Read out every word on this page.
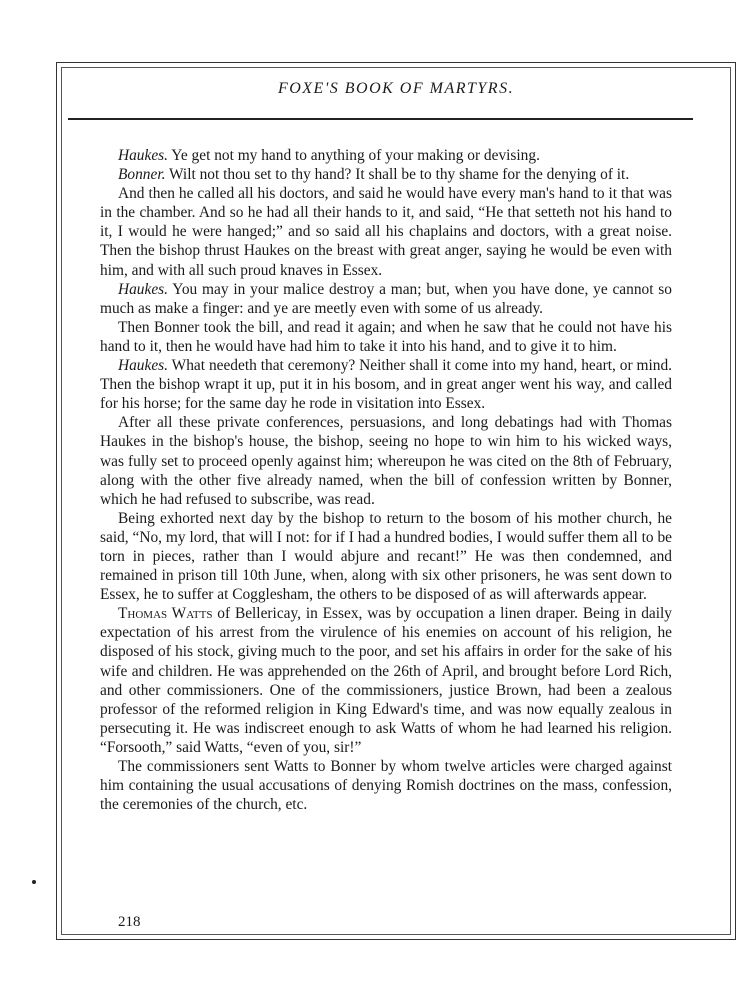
FOXE'S BOOK OF MARTYRS.

Haukes. Ye get not my hand to anything of your making or devising.

Bonner. Wilt not thou set to thy hand? It shall be to thy shame for the denying of it.

And then he called all his doctors, and said he would have every man's hand to it that was in the chamber. And so he had all their hands to it, and said, “He that setteth not his hand to it, I would he were hanged;” and so said all his chaplains and doctors, with a great noise. Then the bishop thrust Haukes on the breast with great anger, saying he would be even with him, and with all such proud knaves in Essex.

Haukes. You may in your malice destroy a man; but, when you have done, ye cannot so much as make a finger: and ye are meetly even with some of us already.

Then Bonner took the bill, and read it again; and when he saw that he could not have his hand to it, then he would have had him to take it into his hand, and to give it to him.

Haukes. What needeth that ceremony? Neither shall it come into my hand, heart, or mind. Then the bishop wrapt it up, put it in his bosom, and in great anger went his way, and called for his horse; for the same day he rode in visitation into Essex.

After all these private conferences, persuasions, and long debatings had with Thomas Haukes in the bishop's house, the bishop, seeing no hope to win him to his wicked ways, was fully set to proceed openly against him; whereupon he was cited on the 8th of February, along with the other five already named, when the bill of confession written by Bonner, which he had refused to subscribe, was read.

Being exhorted next day by the bishop to return to the bosom of his mother church, he said, “No, my lord, that will I not: for if I had a hundred bodies, I would suffer them all to be torn in pieces, rather than I would abjure and recant!” He was then condemned, and remained in prison till 10th June, when, along with six other prisoners, he was sent down to Essex, he to suffer at Cogglesham, the others to be disposed of as will afterwards appear.

Thomas Watts of Bellericay, in Essex, was by occupation a linen draper. Being in daily expectation of his arrest from the virulence of his enemies on account of his religion, he disposed of his stock, giving much to the poor, and set his affairs in order for the sake of his wife and children. He was apprehended on the 26th of April, and brought before Lord Rich, and other commissioners. One of the commissioners, justice Brown, had been a zealous professor of the reformed religion in King Edward's time, and was now equally zealous in persecuting it. He was indiscreet enough to ask Watts of whom he had learned his religion. “Forsooth,” said Watts, “even of you, sir!”

The commissioners sent Watts to Bonner by whom twelve articles were charged against him containing the usual accusations of denying Romish doctrines on the mass, confession, the ceremonies of the church, etc.

218
